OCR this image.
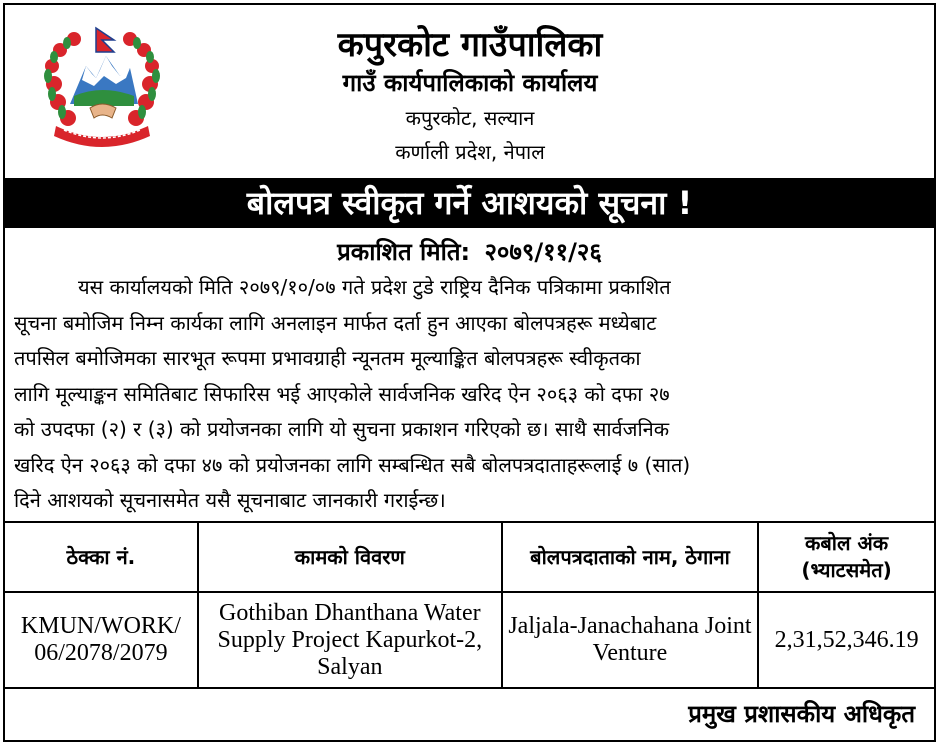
कपुरकोट गाउँपालिका
गाउँ कार्यपालिकाको कार्यालय
कपुरकोट, सल्यान
कर्णाली प्रदेश, नेपाल
बोलपत्र स्वीकृत गर्ने आशयको सूचना !
प्रकाशित मिति: २०७९/११/२६
यस कार्यालयको मिति २०७९/१०/०७ गते प्रदेश टुडे राष्ट्रिय दैनिक पत्रिकामा प्रकाशित
सूचना बमोजिम निम्न कार्यका लागि अनलाइन मार्फत दर्ता हुन आएका बोलपत्रहरू मध्येबाट
तपसिल बमोजिमका सारभूत रूपमा प्रभावग्राही न्यूनतम मूल्याङ्कित बोलपत्रहरू स्वीकृतका
लागि मूल्याङ्कन समितिबाट सिफारिस भई आएकोले सार्वजनिक खरिद ऐन २०६३ को दफा २७
को उपदफा (२) र (३) को प्रयोजनका लागि यो सुचना प्रकाशन गरिएको छ। साथै सार्वजनिक
खरिद ऐन २०६३ को दफा ४७ को प्रयोजनका लागि सम्बन्धित सबै बोलपत्रदाताहरूलाई ७ (सात)
दिने आशयको सूचनासमेत यसै सूचनाबाट जानकारी गराईन्छ।
ठेक्का नं.	कामको विवरण	बोलपत्रदाताको नाम, ठेगाना	कबोल अंक (भ्याटसमेत)
KMUN/WORK/ 06/2078/2079	Gothiban Dhanthana Water Supply Project Kapurkot-2, Salyan	Jaljala-Janachahana Joint Venture	2,31,52,346.19
प्रमुख प्रशासकीय अधिकृत
